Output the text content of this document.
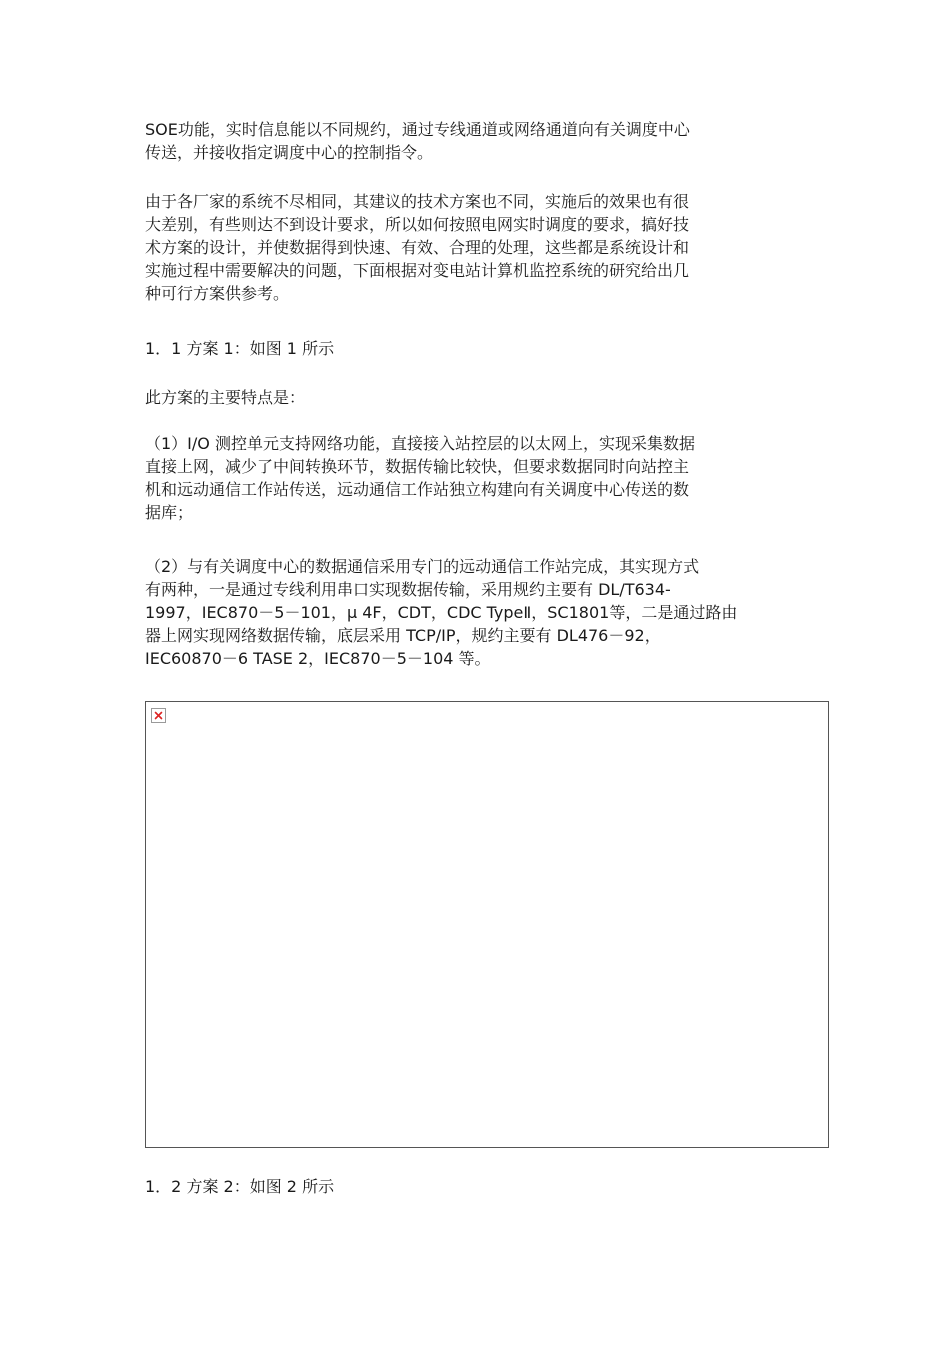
SOE功能，实时信息能以不同规约，通过专线通道或网络通道向有关调度中心
传送，并接收指定调度中心的控制指令。

由于各厂家的系统不尽相同，其建议的技术方案也不同，实施后的效果也有很
大差别，有些则达不到设计要求，所以如何按照电网实时调度的要求，搞好技
术方案的设计，并使数据得到快速、有效、合理的处理，这些都是系统设计和
实施过程中需要解决的问题，下面根据对变电站计算机监控系统的研究给出几
种可行方案供参考。

1．1 方案 1：如图 1 所示

此方案的主要特点是：

（1）I/O 测控单元支持网络功能，直接接入站控层的以太网上，实现采集数据
直接上网，减少了中间转换环节，数据传输比较快，但要求数据同时向站控主
机和远动通信工作站传送，远动通信工作站独立构建向有关调度中心传送的数
据库；

（2）与有关调度中心的数据通信采用专门的远动通信工作站完成，其实现方式
有两种，一是通过专线利用串口实现数据传输，采用规约主要有 DL/T634-
1997，IEC870－5－101，μ 4F，CDT，CDC TypeⅡ，SC1801等，二是通过路由
器上网实现网络数据传输，底层采用 TCP/IP，规约主要有 DL476－92，
IEC60870－6 TASE 2，IEC870－5－104 等。

1．2 方案 2：如图 2 所示
